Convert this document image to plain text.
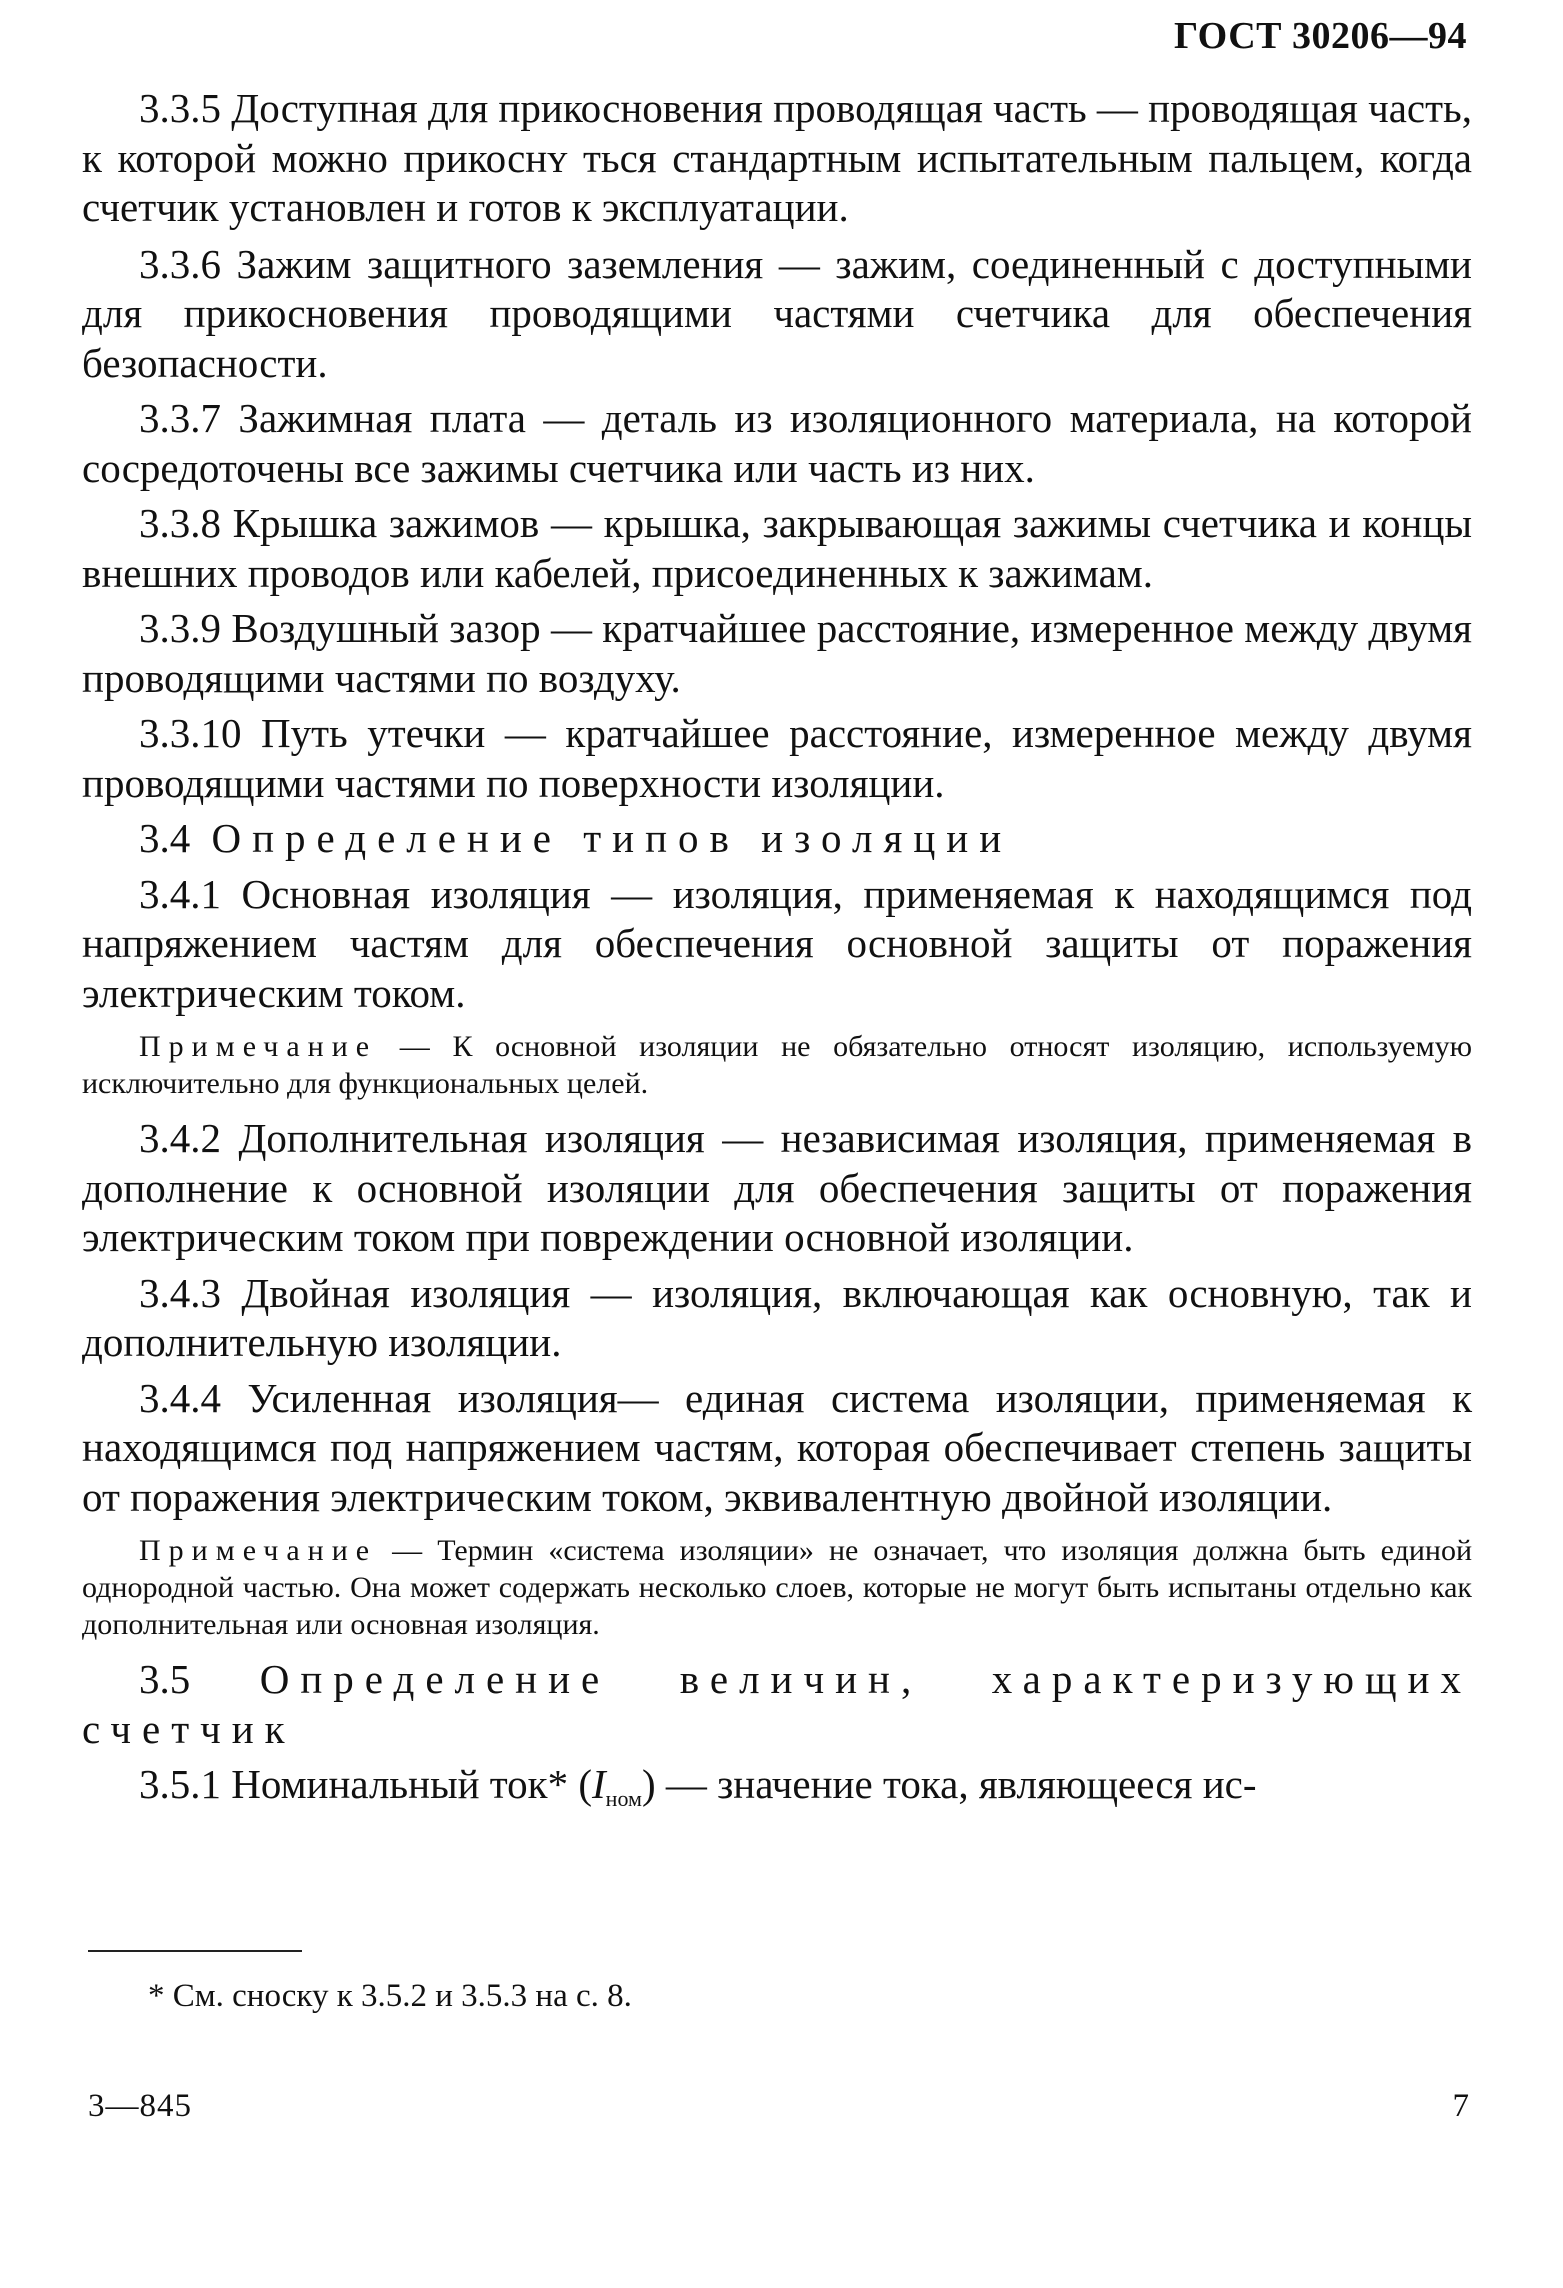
ГОСТ 30206—94

3.3.5 Доступная для прикосновения проводящая часть — проводящая часть, к которой можно прикоснʏ ться стандартным испытательным пальцем, когда счетчик установлен и готов к эксплуатации.

3.3.6 Зажим защитного заземления — зажим, соединенный с доступными для прикосновения проводящими частями счетчика для обеспечения безопасности.

3.3.7 Зажимная плата — деталь из изоляционного материала, на которой сосредоточены все зажимы счетчика или часть из них.

3.3.8 Крышка зажимов — крышка, закрывающая зажимы счетчика и концы внешних проводов или кабелей, присоединенных к зажимам.

3.3.9 Воздушный зазор — кратчайшее расстояние, измеренное между двумя проводящими частями по воздуху.

3.3.10 Путь утечки — кратчайшее расстояние, измеренное между двумя проводящими частями по поверхности изоляции.

3.4 Определение типов изоляции

3.4.1 Основная изоляция — изоляция, применяемая к находящимся под напряжением частям для обеспечения основной защиты от поражения электрическим током.

Примечание — К основной изоляции не обязательно относят изоляцию, используемую исключительно для функциональных целей.

3.4.2 Дополнительная изоляция — независимая изоляция, применяемая в дополнение к основной изоляции для обеспечения защиты от поражения электрическим током при повреждении основной изоляции.

3.4.3 Двойная изоляция — изоляция, включающая как основную, так и дополнительную изоляции.

3.4.4 Усиленная изоляция— единая система изоляции, применяемая к находящимся под напряжением частям, которая обеспечивает степень защиты от поражения электрическим током, эквивалентную двойной изоляции.

Примечание — Термин «система изоляции» не означает, что изоляция должна быть единой однородной частью. Она может содержать несколько слоев, которые не могут быть испытаны отдельно как дополнительная или основная изоляция.

3.5 Определение величин, характеризующих счетчик

3.5.1 Номинальный ток* $(I_{ном})$ — значение тока, являющееся ис-

* См. сноску к 3.5.2 и 3.5.3 на с. 8.
3—845	7
